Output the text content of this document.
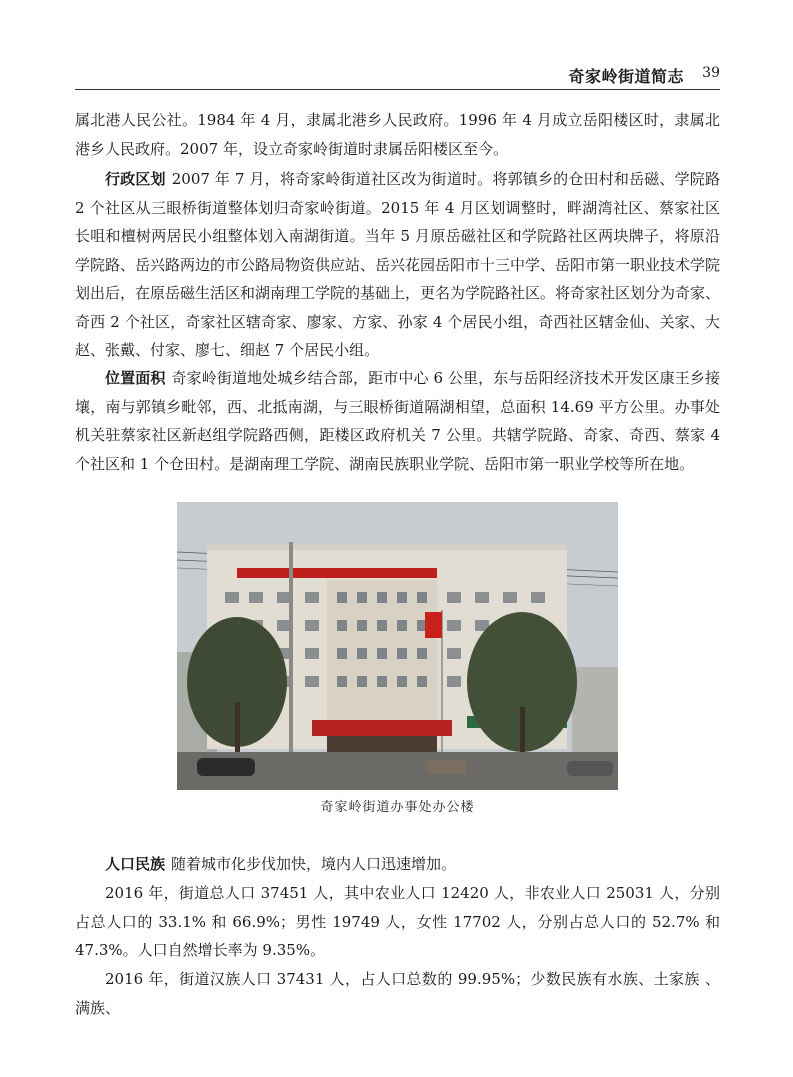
奇家岭街道简志 39

属北港人民公社。1984 年 4 月，隶属北港乡人民政府。1996 年 4 月成立岳阳楼区时，隶属北港乡人民政府。2007 年，设立奇家岭街道时隶属岳阳楼区至今。

行政区划 2007 年 7 月，将奇家岭街道社区改为街道时。将郭镇乡的仓田村和岳磁、学院路 2 个社区从三眼桥街道整体划归奇家岭街道。2015 年 4 月区划调整时，畔湖湾社区、蔡家社区长咀和檀树两居民小组整体划入南湖街道。当年 5 月原岳磁社区和学院路社区两块牌子，将原沿学院路、岳兴路两边的市公路局物资供应站、岳兴花园岳阳市十三中学、岳阳市第一职业技术学院划出后，在原岳磁生活区和湖南理工学院的基础上，更名为学院路社区。将奇家社区划分为奇家、奇西 2 个社区，奇家社区辖奇家、廖家、方家、孙家 4 个居民小组，奇西社区辖金仙、关家、大赵、张戴、付家、廖七、细赵 7 个居民小组。

位置面积 奇家岭街道地处城乡结合部，距市中心 6 公里，东与岳阳经济技术开发区康王乡接壤，南与郭镇乡毗邻，西、北抵南湖，与三眼桥街道隔湖相望，总面积 14.69 平方公里。办事处机关驻蔡家社区新赵组学院路西侧，距楼区政府机关 7 公里。共辖学院路、奇家、奇西、蔡家 4 个社区和 1 个仓田村。是湖南理工学院、湖南民族职业学院、岳阳市第一职业学校等所在地。

奇家岭街道办事处办公楼

人口民族 随着城市化步伐加快，境内人口迅速增加。

2016 年，街道总人口 37451 人，其中农业人口 12420 人，非农业人口 25031 人，分别占总人口的 33.1% 和 66.9%；男性 19749 人，女性 17702 人，分别占总人口的 52.7% 和 47.3%。人口自然增长率为 9.35%。

2016 年，街道汉族人口 37431 人，占人口总数的 99.95%；少数民族有水族、土家族 、满族、
